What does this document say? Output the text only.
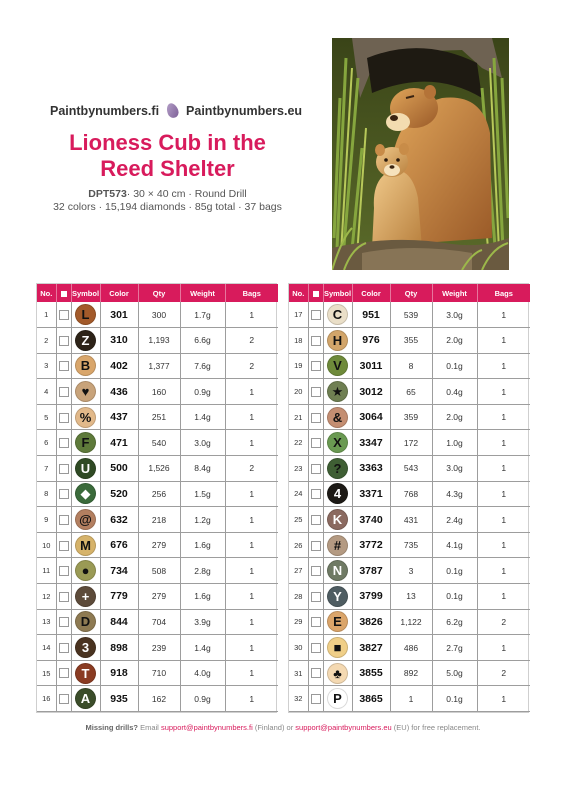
Paintbynumbers.fi Paintbynumbers.eu
Lioness Cub in the
Reed Shelter
DPT573· 30 × 40 cm · Round Drill
32 colors · 15,194 diamonds · 85g total · 37 bags
No.		Symbol	Color	Qty	Weight	Bags
1		L	301	300	1.7g	1
2		Z	310	1,193	6.6g	2
3		B	402	1,377	7.6g	2
4		♥	436	160	0.9g	1
5		%	437	251	1.4g	1
6		F	471	540	3.0g	1
7		U	500	1,526	8.4g	2
8		◆	520	256	1.5g	1
9		@	632	218	1.2g	1
10		M	676	279	1.6g	1
11		●	734	508	2.8g	1
12		+	779	279	1.6g	1
13		D	844	704	3.9g	1
14		3	898	239	1.4g	1
15		T	918	710	4.0g	1
16		A	935	162	0.9g	1
No.		Symbol	Color	Qty	Weight	Bags
17		C	951	539	3.0g	1
18		H	976	355	2.0g	1
19		V	3011	8	0.1g	1
20		★	3012	65	0.4g	1
21		&	3064	359	2.0g	1
22		X	3347	172	1.0g	1
23		?	3363	543	3.0g	1
24		4	3371	768	4.3g	1
25		K	3740	431	2.4g	1
26		#	3772	735	4.1g	1
27		N	3787	3	0.1g	1
28		Y	3799	13	0.1g	1
29		E	3826	1,122	6.2g	2
30		■	3827	486	2.7g	1
31		♣	3855	892	5.0g	2
32		P	3865	1	0.1g	1
Missing drills? Email support@paintbynumbers.fi (Finland) or support@paintbynumbers.eu (EU) for free replacement.
